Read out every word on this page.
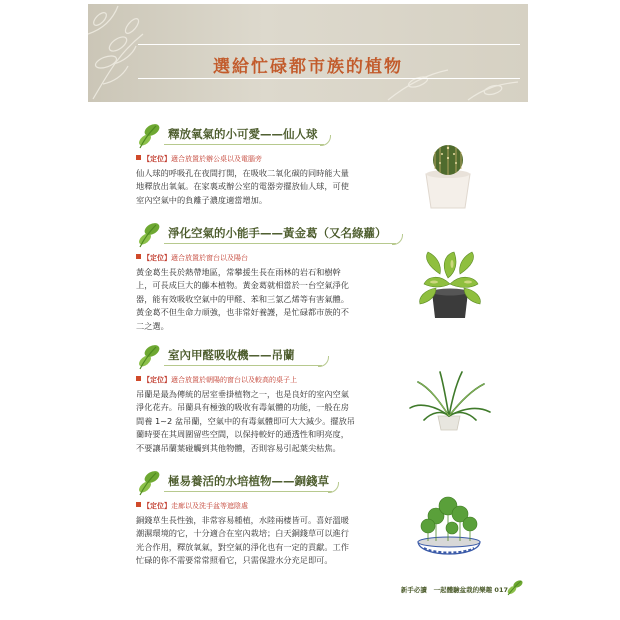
選給忙碌都市族的植物
釋放氧氣的小可愛——仙人球
【定位】適合放置於辦公桌以及電腦旁
仙人球的呼吸孔在夜間打開，在吸收二氧化碳的同時能大量
地釋放出氧氣。在家裏或辦公室的電器旁擺放仙人球，可使
室內空氣中的負離子濃度適當增加。
淨化空氣的小能手——黃金葛（又名綠蘿）
【定位】適合放置於窗台以及陽台
黃金葛生長於熱帶地區，常攀援生長在雨林的岩石和樹幹
上，可長成巨大的藤本植物。黃金葛就相當於一台空氣淨化
器，能有效吸收空氣中的甲醛、苯和三氯乙烯等有害氣體。
黃金葛不但生命力頑強，也非常好養護，是忙碌都市族的不
二之選。
室內甲醛吸收機——吊蘭
【定位】適合放置於朝陽的窗台以及較高的桌子上
吊蘭是最為傳統的居室垂掛植物之一，也是良好的室內空氣
淨化花卉。吊蘭具有極強的吸收有毒氣體的功能，一般在房
間養 1~2 盆吊蘭，空氣中的有毒氣體即可大大減少。擺放吊
蘭時要在其周圍留些空間，以保持較好的通透性和明亮度，
不要讓吊蘭葉碰觸到其他物體，否則容易引起葉尖枯焦。
極易養活的水培植物——銅錢草
【定位】走廊以及洗手盆等遮陰處
銅錢草生長性強，非常容易種植，水陸兩棲皆可。喜好溫暖
潮濕環境的它，十分適合在室內栽培；白天銅錢草可以進行
光合作用，釋放氧氣，對空氣的淨化也有一定的貢獻。工作
忙碌的你不需要常常照看它，只需保證水分充足即可。
新手必讀 一起體驗盆栽的樂趣 017
